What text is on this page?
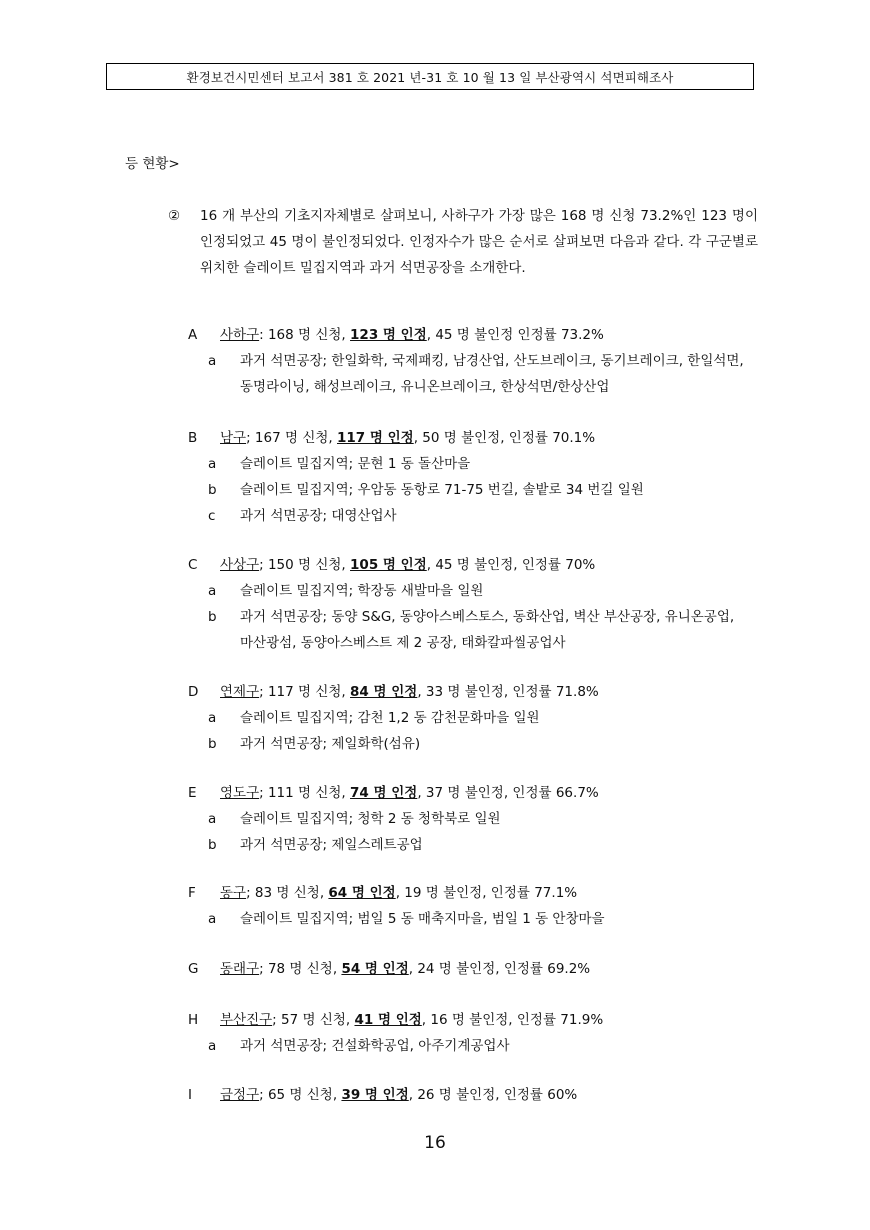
환경보건시민센터 보고서 381 호 2021 년-31 호 10 월 13 일 부산광역시 석면피해조사
등 현황>
② 16 개 부산의 기초지자체별로 살펴보니, 사하구가 가장 많은 168 명 신청 73.2%인 123 명이 인정되었고 45 명이 불인정되었다. 인정자수가 많은 순서로 살펴보면 다음과 같다. 각 구군별로 위치한 슬레이트 밀집지역과 과거 석면공장을 소개한다.
A 사하구: 168 명 신청, 123 명 인정, 45 명 불인정 인정률 73.2%
a 과거 석면공장; 한일화학, 국제패킹, 남경산업, 산도브레이크, 동기브레이크, 한일석면, 동명라이닝, 해성브레이크, 유니온브레이크, 한상석면/한상산업
B 남구; 167 명 신청, 117 명 인정, 50 명 불인정, 인정률 70.1%
a 슬레이트 밀집지역; 문현 1 동 돌산마을
b 슬레이트 밀집지역; 우암동 동항로 71-75 번길, 솔밭로 34 번길 일원
c 과거 석면공장; 대영산업사
C 사상구; 150 명 신청, 105 명 인정, 45 명 불인정, 인정률 70%
a 슬레이트 밀집지역; 학장동 새발마을 일원
b 과거 석면공장; 동양 S&G, 동양아스베스토스, 동화산업, 벽산 부산공장, 유니온공업, 마산광섬, 동양아스베스트 제 2 공장, 태화칼파씰공업사
D 연제구; 117 명 신청, 84 명 인정, 33 명 불인정, 인정률 71.8%
a 슬레이트 밀집지역; 감천 1,2 동 감천문화마을 일원
b 과거 석면공장; 제일화학(섬유)
E 영도구; 111 명 신청, 74 명 인정, 37 명 불인정, 인정률 66.7%
a 슬레이트 밀집지역; 청학 2 동 청학북로 일원
b 과거 석면공장; 제일스레트공업
F 동구; 83 명 신청, 64 명 인정, 19 명 불인정, 인정률 77.1%
a 슬레이트 밀집지역; 범일 5 동 매축지마을, 범일 1 동 안창마을
G 동래구; 78 명 신청, 54 명 인정, 24 명 불인정, 인정률 69.2%
H 부산진구; 57 명 신청, 41 명 인정, 16 명 불인정, 인정률 71.9%
a 과거 석면공장; 건설화학공업, 아주기계공업사
I 금정구; 65 명 신청, 39 명 인정, 26 명 불인정, 인정률 60%
16
